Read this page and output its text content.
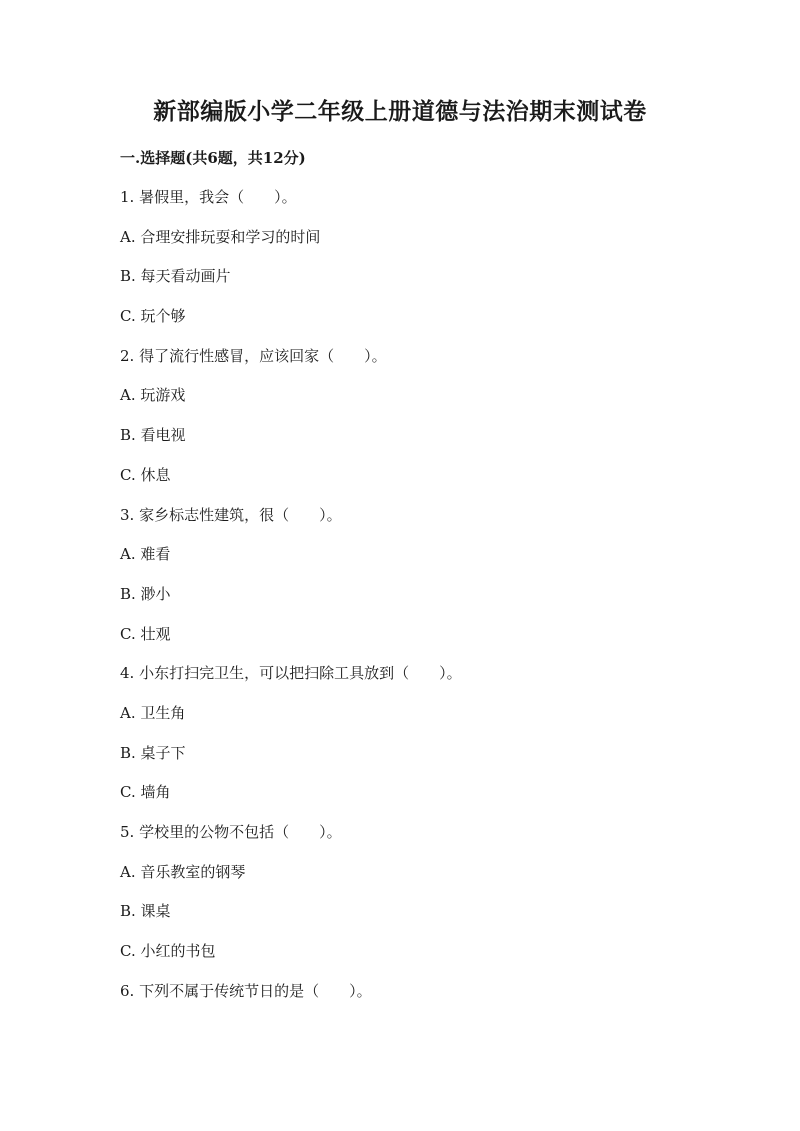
新部编版小学二年级上册道德与法治期末测试卷
一.选择题(共6题，共12分)
1. 暑假里，我会（　　）。
A. 合理安排玩耍和学习的时间
B. 每天看动画片
C. 玩个够
2. 得了流行性感冒，应该回家（　　）。
A. 玩游戏
B. 看电视
C. 休息
3. 家乡标志性建筑，很（　　）。
A. 难看
B. 渺小
C. 壮观
4. 小东打扫完卫生，可以把扫除工具放到（　　）。
A. 卫生角
B. 桌子下
C. 墙角
5. 学校里的公物不包括（　　）。
A. 音乐教室的钢琴
B. 课桌
C. 小红的书包
6. 下列不属于传统节日的是（　　）。
